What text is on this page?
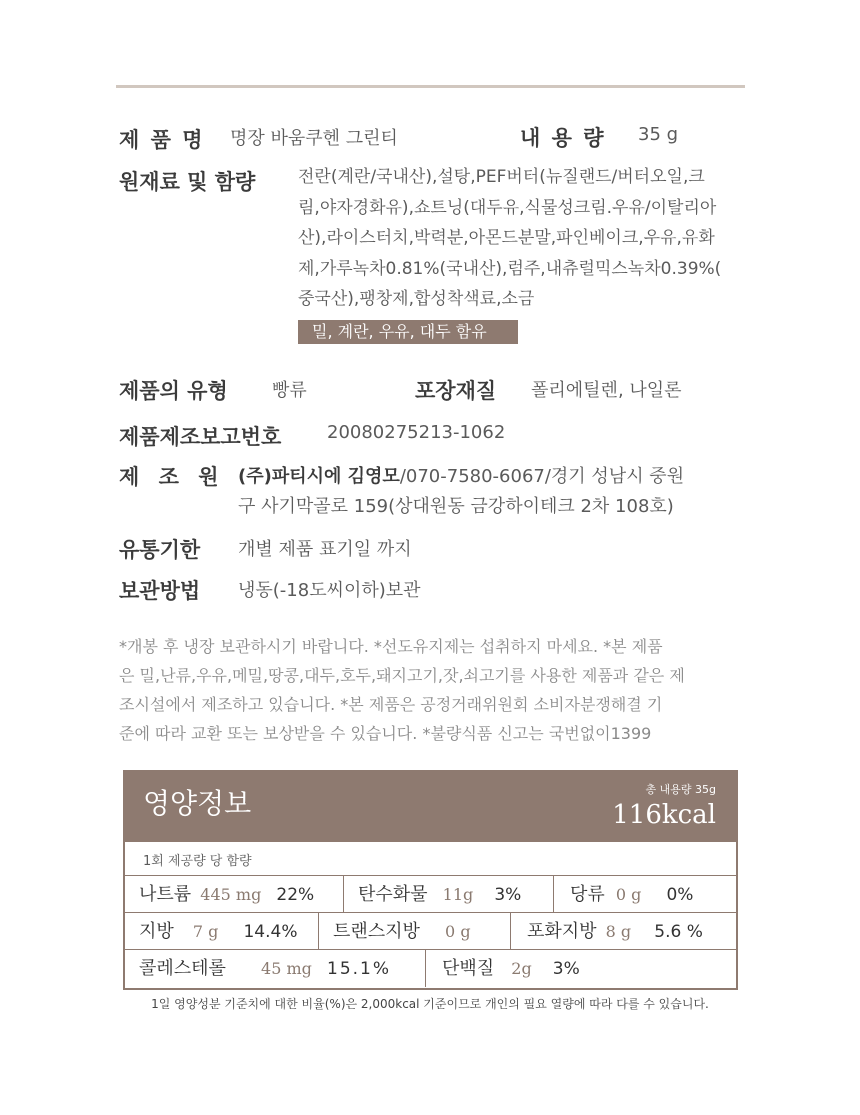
제 품 명 명장 바움쿠헨 그린티	내 용 량 35 g
원재료 및 함량	전란(계란/국내산),설탕,PEF버터(뉴질랜드/버터오일,크
림,야자경화유),쇼트닝(대두유,식물성크림.우유/이탈리아
산),라이스터치,박력분,아몬드분말,파인베이크,우유,유화
제,가루녹차0.81%(국내산),럼주,내츄럴믹스녹차0.39%(
중국산),팽창제,합성착색료,소금
밀, 계란, 우유, 대두 함유
제품의 유형 빵류	포장재질 폴리에틸렌, 나일론
제품제조보고번호	20080275213-1062
제 조 원 (주)파티시에 김영모/070-7580-6067/경기 성남시 중원
구 사기막골로 159(상대원동 금강하이테크 2차 108호)
유통기한 개별 제품 표기일 까지
보관방법 냉동(-18도씨이하)보관
*개봉 후 냉장 보관하시기 바랍니다. *선도유지제는 섭취하지 마세요. *본 제품
은 밀,난류,우유,메밀,땅콩,대두,호두,돼지고기,잣,쇠고기를 사용한 제품과 같은 제
조시설에서 제조하고 있습니다. *본 제품은 공정거래위원회 소비자분쟁해결 기
준에 따라 교환 또는 보상받을 수 있습니다. *불량식품 신고는 국번없이1399
영양정보	총 내용량 35g
116kcal
1회 제공량 당 함량
나트륨 445 mg 22%	탄수화물 11g 3%	당류 0 g 0%
지방 7 g 14.4%	트랜스지방 0 g	포화지방 8 g 5.6 %
콜레스테롤 45 mg 15.1%	단백질 2g 3%
1일 영양성분 기준치에 대한 비율(%)은 2,000kcal 기준이므로 개인의 필요 열량에 따라 다를 수 있습니다.
